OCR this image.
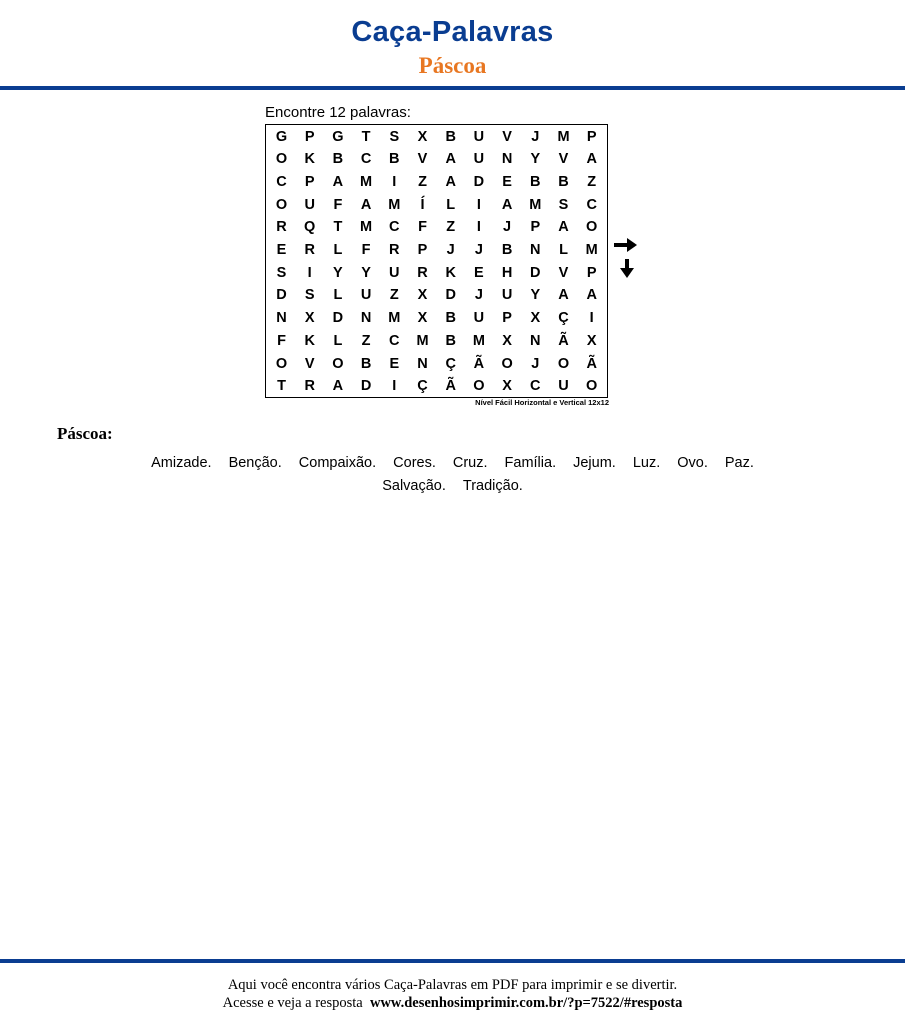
Caça-Palavras
Páscoa
Encontre 12 palavras:
G	P	G	T	S	X	B	U	V	J	M	P
O	K	B	C	B	V	A	U	N	Y	V	A
C	P	A	M	I	Z	A	D	E	B	B	Z
O	U	F	A	M	Í	L	I	A	M	S	C
R	Q	T	M	C	F	Z	I	J	P	A	O
E	R	L	F	R	P	J	J	B	N	L	M
S	I	Y	Y	U	R	K	E	H	D	V	P
D	S	L	U	Z	X	D	J	U	Y	A	A
N	X	D	N	M	X	B	U	P	X	Ç	I
F	K	L	Z	C	M	B	M	X	N	Ã	X
O	V	O	B	E	N	Ç	Ã	O	J	O	Ã
T	R	A	D	I	Ç	Ã	O	X	C	U	O
Nível Fácil Horizontal e Vertical 12x12
Páscoa:
Amizade. Benção. Compaixão. Cores. Cruz. Família. Jejum. Luz. Ovo. Paz.
Salvação. Tradição.
Aqui você encontra vários Caça-Palavras em PDF para imprimir e se divertir.
Acesse e veja a resposta www.desenhosimprimir.com.br/?p=7522/#resposta
